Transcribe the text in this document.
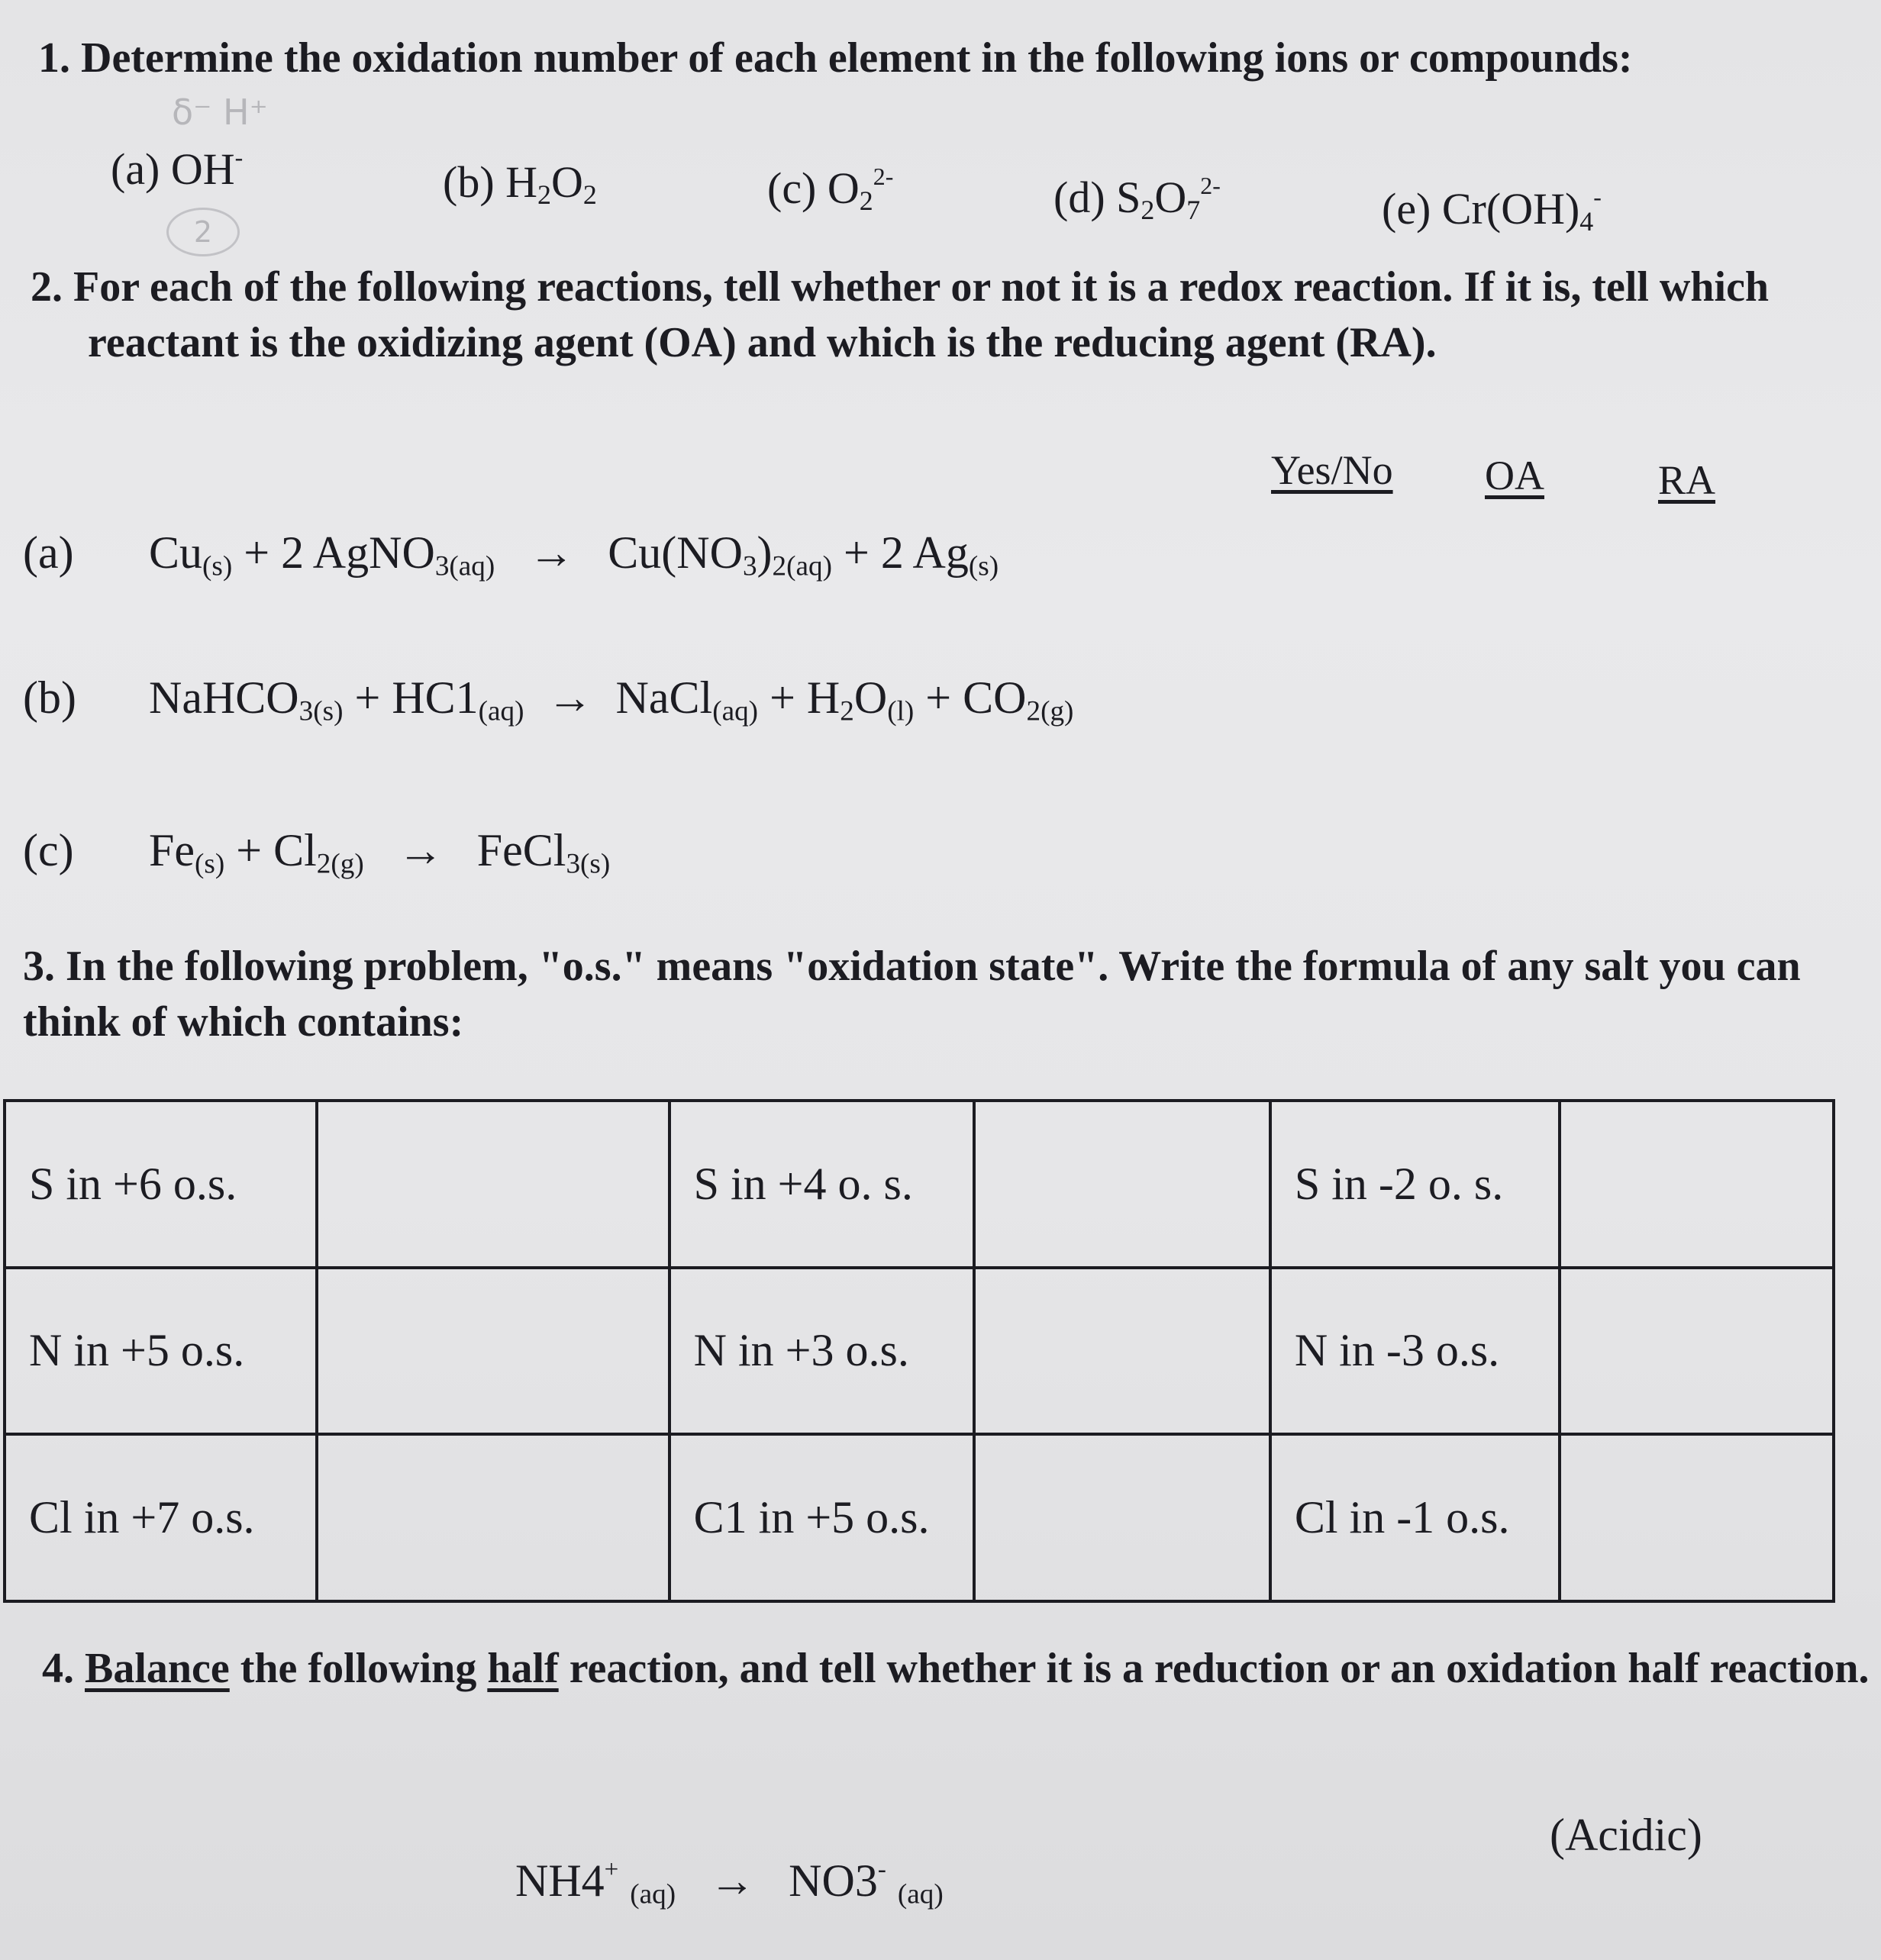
1. Determine the oxidation number of each element in the following ions or compounds:

δ⁻ H⁺
2
(a) OH-	(b) $H_2O_2$	(c) $O_2^{2-}$	(d) $S_2O_7^{2-}$	(e) $Cr(OH)_4^-$

2. For each of the following reactions, tell whether or not it is a redox reaction. If it is, tell which reactant is the oxidizing agent (OA) and which is the reducing agent (RA).

Yes/No OA	RA
(a) $Cu_{(s)} + 2$ AgNO$_{3(aq)}$ → $Cu(NO_3)_{2(aq)} + 2$ $Ag_{(s)}$
(b) NaHCO$_{3(s)}$ + $HC1_{(aq)}$ → NaCl$_{(aq)}$ + $H_2O_{(l)} + CO_{2(g)}$
(c) $Fe_{(s)} + Cl_{2(g)}$ → FeCl$_{3(s)}$

3. In the following problem, "o.s." means "oxidation state". Write the formula of any salt you can think of which contains:

S in +6 o.s.		S in +4 o. s.		S in -2 o. s.	
N in +5 o.s.		N in +3 o.s.		N in -3 o.s.	
Cl in +7 o.s.		C1 in +5 o.s.		Cl in -1 o.s.	

4. Balance the following half reaction, and tell whether it is a reduction or an oxidation half reaction.

(Acidic)
NH4+ $_{(aq)}$ → NO3- $_{(aq)}$
